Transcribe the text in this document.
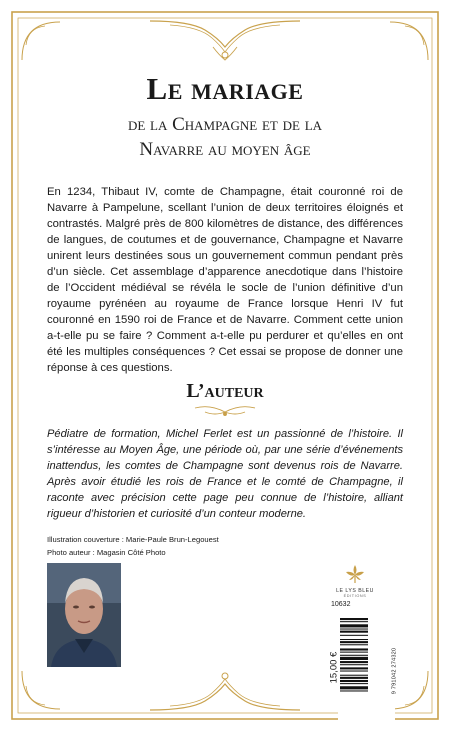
Le mariage
de la Champagne et de la
Navarre au moyen âge

En 1234, Thibaut IV, comte de Champagne, était couronné roi de Navarre à Pampelune, scellant l’union de deux territoires éloignés et contrastés. Malgré près de 800 kilomètres de distance, des différences de langues, de coutumes et de gouvernance, Champagne et Navarre unirent leurs destinées sous un gouvernement commun pendant près d’un siècle. Cet assemblage d’apparence anecdotique dans l’histoire de l’Occident médiéval se révéla le socle de l’union définitive d’un royaume pyrénéen au royaume de France lorsque Henri IV fut couronné en 1590 roi de France et de Navarre. Comment cette union a-t-elle pu se faire ? Comment a-t-elle pu perdurer et qu’elles en ont été les multiples conséquences ? Cet essai se propose de donner une réponse à ces questions.

L’auteur

Pédiatre de formation, Michel Ferlet est un passionné de l’histoire. Il s’intéresse au Moyen Âge, une période où, par une série d’événements inattendus, les comtes de Champagne sont devenus rois de Navarre. Après avoir étudié les rois de France et le comté de Champagne, il raconte avec précision cette page peu connue de l’histoire, alliant rigueur d’historien et curiosité d’un conteur moderne.

Illustration couverture : Marie-Paule Brun-Legouest
Photo auteur : Magasin Côté Photo
LE LYS BLEU
ÉDITIONS
10632
15,00 €	9 791042 274320
